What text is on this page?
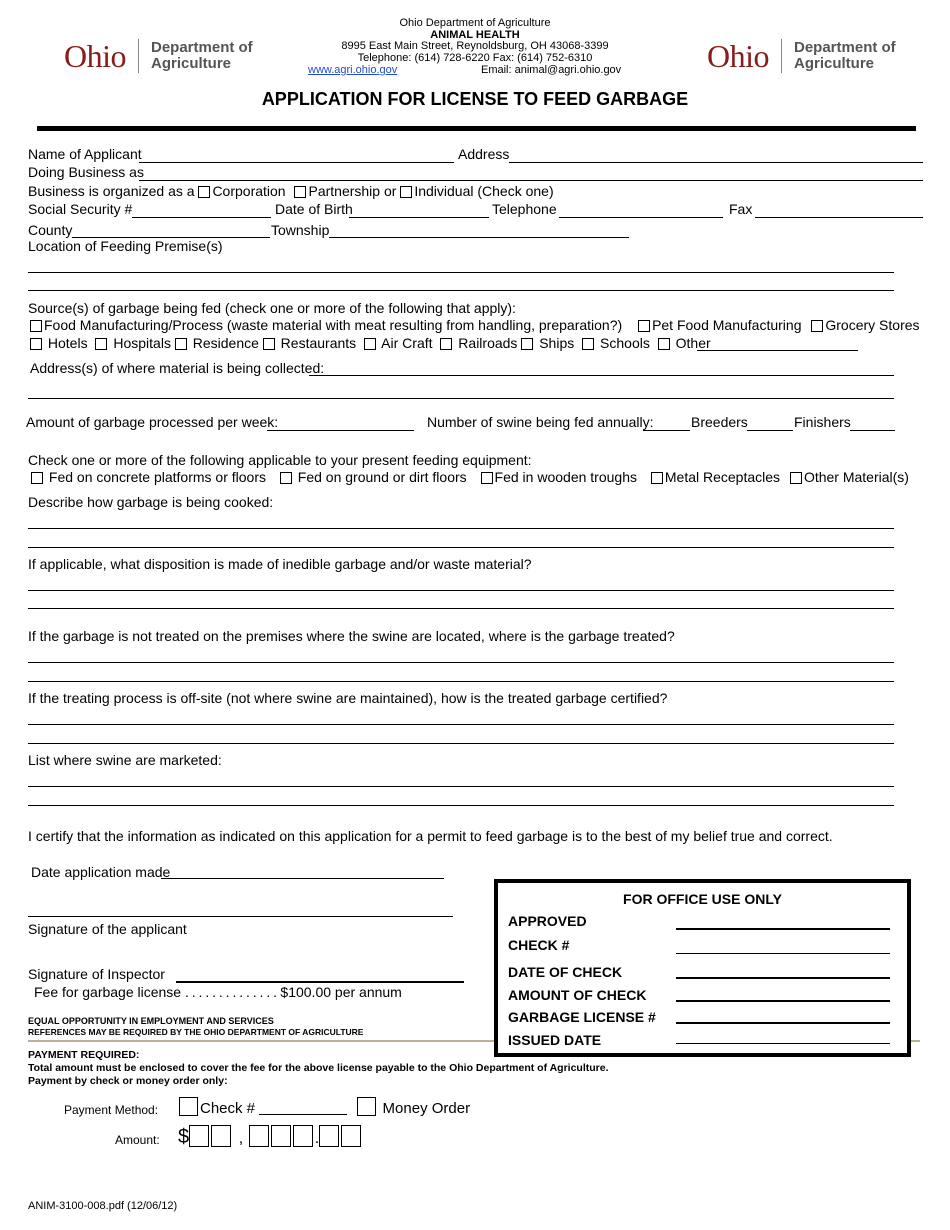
Ohio Department of
Agriculture	Ohio Department of
Agriculture
Ohio Department of Agriculture
ANIMAL HEALTH
8995 East Main Street, Reynoldsburg, OH 43068-3399
Telephone: (614) 728-6220 Fax: (614) 752-6310
www.agri.ohio.gov	Email: animal@agri.ohio.gov
APPLICATION FOR LICENSE TO FEED GARBAGE
Name of Applicant	Address
Doing Business as
Business is organized as a Corporation Partnership or Individual (Check one)
Social Security #	Date of Birth	Telephone	Fax
County	Township
Location of Feeding Premise(s)
Source(s) of garbage being fed (check one or more of the following that apply):
Food Manufacturing/Process (waste material with meat resulting from handling, preparation?) Pet Food Manufacturing Grocery Stores
Hotels Hospitals Residence Restaurants Air Craft Railroads Ships Schools Other
Address(s) of where material is being collected:
Amount of garbage processed per week:	Number of swine being fed annually:	Breeders	Finishers
Check one or more of the following applicable to your present feeding equipment:
Fed on concrete platforms or floors Fed on ground or dirt floors Fed in wooden troughs Metal Receptacles Other Material(s)
Describe how garbage is being cooked:
If applicable, what disposition is made of inedible garbage and/or waste material?
If the garbage is not treated on the premises where the swine are located, where is the garbage treated?
If the treating process is off-site (not where swine are maintained), how is the treated garbage certified?
List where swine are marketed:
I certify that the information as indicated on this application for a permit to feed garbage is to the best of my belief true and correct.
Date application made
Signature of the applicant
Signature of Inspector
Fee for garbage license . . . . . . . . . . . . . . $100.00 per annum
EQUAL OPPORTUNITY IN EMPLOYMENT AND SERVICES
REFERENCES MAY BE REQUIRED BY THE OHIO DEPARTMENT OF AGRICULTURE
FOR OFFICE USE ONLY
APPROVED
CHECK #
DATE OF CHECK
AMOUNT OF CHECK
GARBAGE LICENSE #
ISSUED DATE
PAYMENT REQUIRED:
Total amount must be enclosed to cover the fee for the above license payable to the Ohio Department of Agriculture.
Payment by check or money order only:
Payment Method:	Check #	Money Order
Amount: $	,	.
ANIM-3100-008.pdf (12/06/12)
